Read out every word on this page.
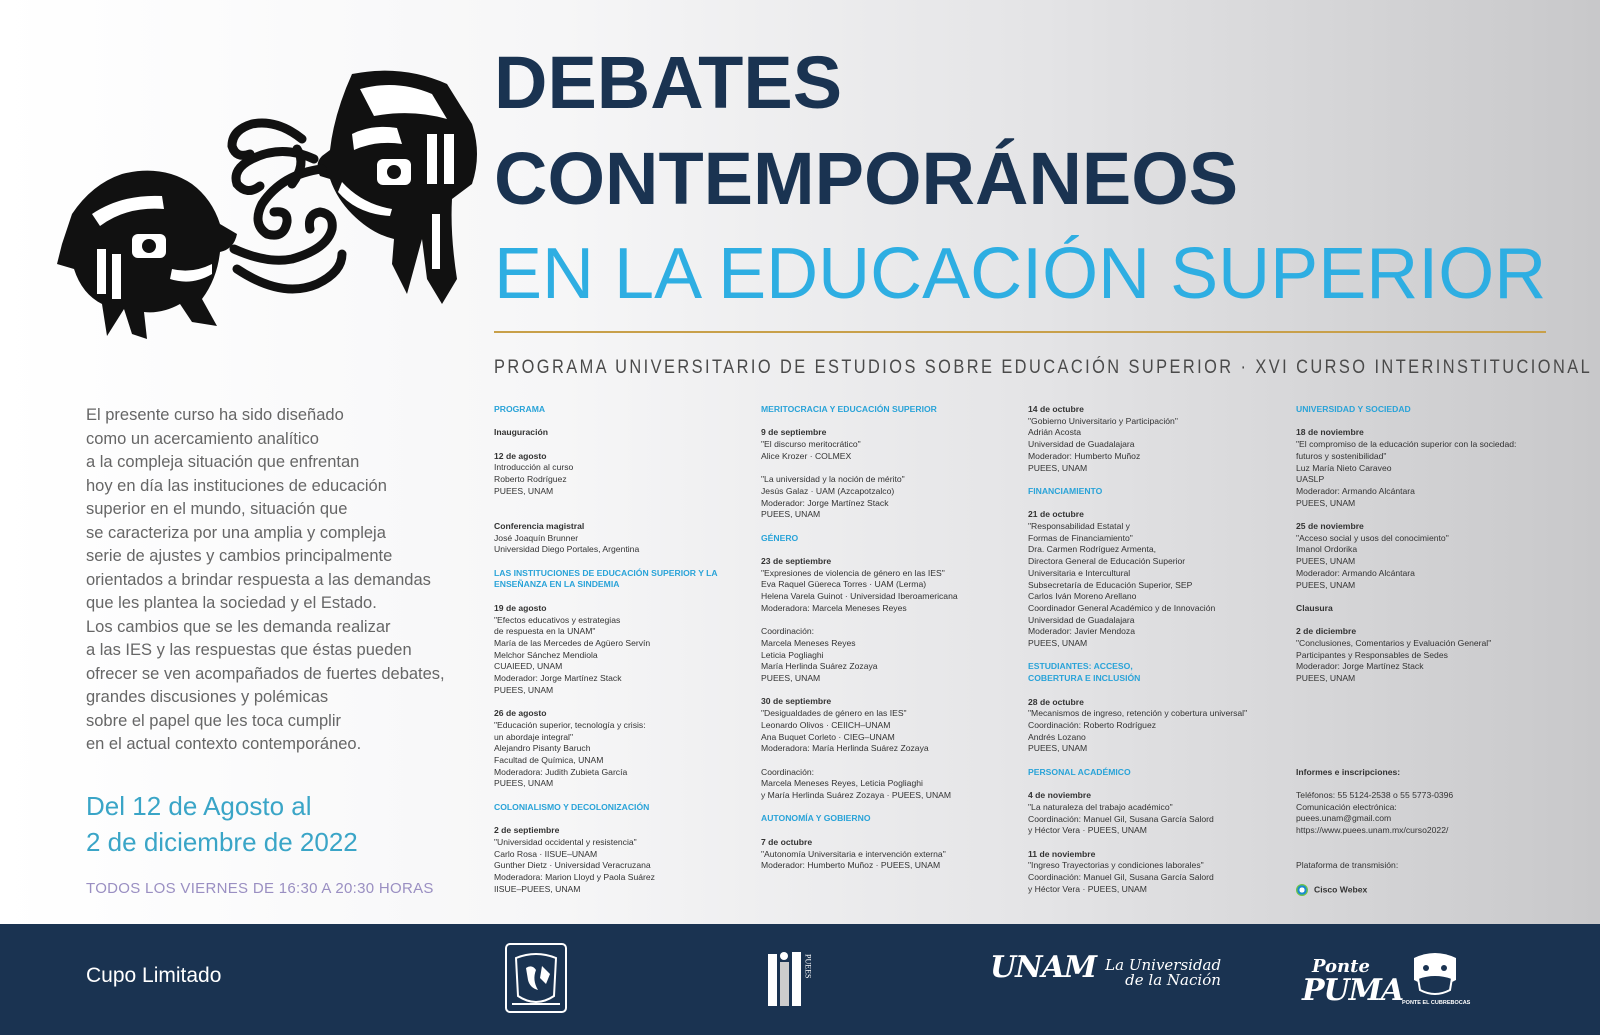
DEBATES
CONTEMPORÁNEOS
EN LA EDUCACIÓN SUPERIOR
PROGRAMA UNIVERSITARIO DE ESTUDIOS SOBRE EDUCACIÓN SUPERIOR · XVI CURSO INTERINSTITUCIONAL
El presente curso ha sido diseñado
como un acercamiento analítico
a la compleja situación que enfrentan
hoy en día las instituciones de educación
superior en el mundo, situación que
se caracteriza por una amplia y compleja
serie de ajustes y cambios principalmente
orientados a brindar respuesta a las demandas
que les plantea la sociedad y el Estado.
Los cambios que se les demanda realizar
a las IES y las respuestas que éstas pueden
ofrecer se ven acompañados de fuertes debates,
grandes discusiones y polémicas
sobre el papel que les toca cumplir
en el actual contexto contemporáneo.
Del 12 de Agosto al
2 de diciembre de 2022
TODOS LOS VIERNES DE 16:30 A 20:30 HORAS
PROGRAMA
Inauguración
12 de agosto
Introducción al curso
Roberto Rodríguez
PUEES, UNAM
Conferencia magistral
José Joaquín Brunner
Universidad Diego Portales, Argentina
LAS INSTITUCIONES DE EDUCACIÓN SUPERIOR Y LA
ENSEÑANZA EN LA SINDEMIA
19 de agosto
"Efectos educativos y estrategias
de respuesta en la UNAM"
María de las Mercedes de Agüero Servín
Melchor Sánchez Mendiola
CUAIEED, UNAM
Moderador: Jorge Martínez Stack
PUEES, UNAM
26 de agosto
"Educación superior, tecnología y crisis:
un abordaje integral"
Alejandro Pisanty Baruch
Facultad de Química, UNAM
Moderadora: Judith Zubieta García
PUEES, UNAM
COLONIALISMO Y DECOLONIZACIÓN
2 de septiembre
"Universidad occidental y resistencia"
Carlo Rosa · IISUE–UNAM
Gunther Dietz · Universidad Veracruzana
Moderadora: Marion Lloyd y Paola Suárez
IISUE–PUEES, UNAM
MERITOCRACIA Y EDUCACIÓN SUPERIOR
9 de septiembre
"El discurso meritocrático"
Alice Krozer · COLMEX
"La universidad y la noción de mérito"
Jesús Galaz · UAM (Azcapotzalco)
Moderador: Jorge Martínez Stack
PUEES, UNAM
GÉNERO
23 de septiembre
"Expresiones de violencia de género en las IES"
Eva Raquel Güereca Torres · UAM (Lerma)
Helena Varela Guinot · Universidad Iberoamericana
Moderadora: Marcela Meneses Reyes
Coordinación:
Marcela Meneses Reyes
Leticia Pogliaghi
María Herlinda Suárez Zozaya
PUEES, UNAM
30 de septiembre
"Desigualdades de género en las IES"
Leonardo Olivos · CEIICH–UNAM
Ana Buquet Corleto · CIEG–UNAM
Moderadora: María Herlinda Suárez Zozaya
Coordinación:
Marcela Meneses Reyes, Leticia Pogliaghi
y María Herlinda Suárez Zozaya · PUEES, UNAM
AUTONOMÍA Y GOBIERNO
7 de octubre
"Autonomía Universitaria e intervención externa"
Moderador: Humberto Muñoz · PUEES, UNAM
14 de octubre
"Gobierno Universitario y Participación"
Adrián Acosta
Universidad de Guadalajara
Moderador: Humberto Muñoz
PUEES, UNAM
FINANCIAMIENTO
21 de octubre
"Responsabilidad Estatal y
Formas de Financiamiento"
Dra. Carmen Rodríguez Armenta,
Directora General de Educación Superior
Universitaria e Intercultural
Subsecretaría de Educación Superior, SEP
Carlos Iván Moreno Arellano
Coordinador General Académico y de Innovación
Universidad de Guadalajara
Moderador: Javier Mendoza
PUEES, UNAM
ESTUDIANTES: ACCESO,
COBERTURA E INCLUSIÓN
28 de octubre
"Mecanismos de ingreso, retención y cobertura universal"
Coordinación: Roberto Rodríguez
Andrés Lozano
PUEES, UNAM
PERSONAL ACADÉMICO
4 de noviembre
"La naturaleza del trabajo académico"
Coordinación: Manuel Gil, Susana García Salord
y Héctor Vera · PUEES, UNAM
11 de noviembre
"Ingreso Trayectorias y condiciones laborales"
Coordinación: Manuel Gil, Susana García Salord
y Héctor Vera · PUEES, UNAM
UNIVERSIDAD Y SOCIEDAD
18 de noviembre
"El compromiso de la educación superior con la sociedad:
futuros y sostenibilidad"
Luz María Nieto Caraveo
UASLP
Moderador: Armando Alcántara
PUEES, UNAM
25 de noviembre
"Acceso social y usos del conocimiento"
Imanol Ordorika
PUEES, UNAM
Moderador: Armando Alcántara
PUEES, UNAM
Clausura
2 de diciembre
"Conclusiones, Comentarios y Evaluación General"
Participantes y Responsables de Sedes
Moderador: Jorge Martínez Stack
PUEES, UNAM
Informes e inscripciones:
Teléfonos: 55 5124-2538 o 55 5773-0396
Comunicación electrónica:
puees.unam@gmail.com
https://www.puees.unam.mx/curso2022/
Plataforma de transmisión:
Cisco Webex
Cupo Limitado	PUEES	UNAM La Universidad
de la Nación
Ponte
PUMA
PONTE EL CUBREBOCAS
